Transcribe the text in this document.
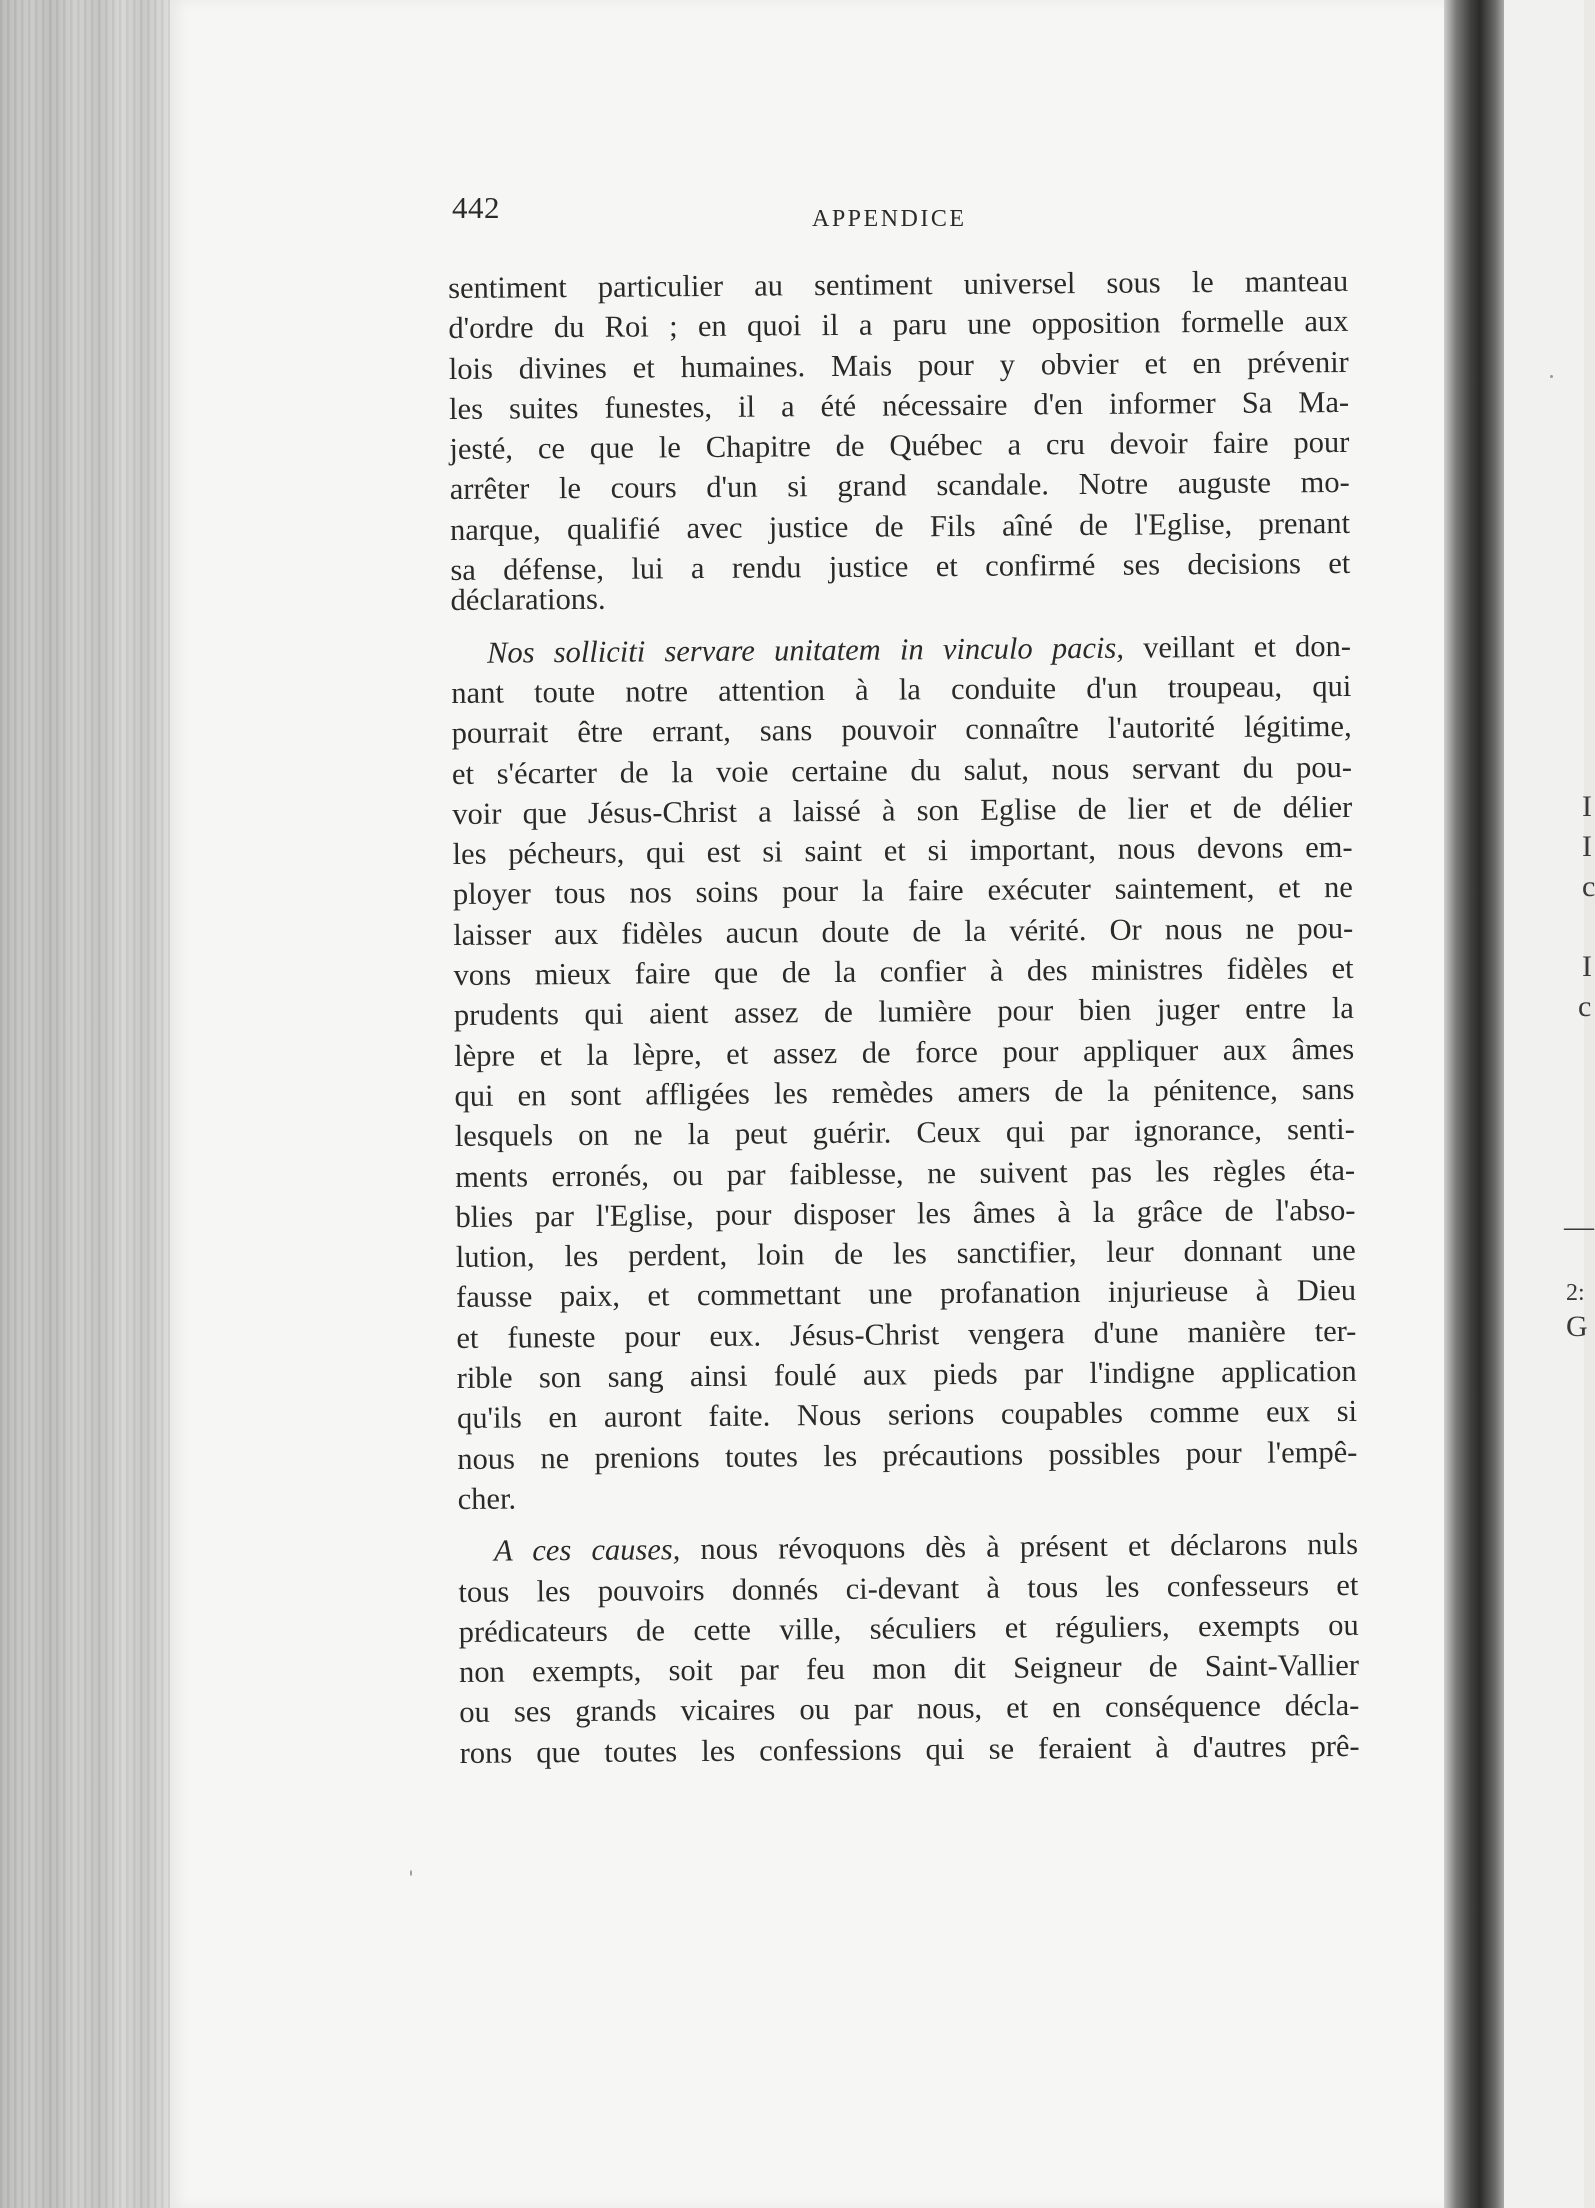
I
I
c
I
c
—
2:
G
442	APPENDICE
sentiment particulier au sentiment universel sous le manteau
d'ordre du Roi ; en quoi il a paru une opposition formelle aux
lois divines et humaines. Mais pour y obvier et en prévenir
les suites funestes, il a été nécessaire d'en informer Sa Ma-
jesté, ce que le Chapitre de Québec a cru devoir faire pour
arrêter le cours d'un si grand scandale. Notre auguste mo-
narque, qualifié avec justice de Fils aîné de l'Eglise, prenant
sa défense, lui a rendu justice et confirmé ses decisions et
déclarations.
Nos solliciti servare unitatem in vinculo pacis, veillant et don-
nant toute notre attention à la conduite d'un troupeau, qui
pourrait être errant, sans pouvoir connaître l'autorité légitime,
et s'écarter de la voie certaine du salut, nous servant du pou-
voir que Jésus-Christ a laissé à son Eglise de lier et de délier
les pécheurs, qui est si saint et si important, nous devons em-
ployer tous nos soins pour la faire exécuter saintement, et ne
laisser aux fidèles aucun doute de la vérité. Or nous ne pou-
vons mieux faire que de la confier à des ministres fidèles et
prudents qui aient assez de lumière pour bien juger entre la
lèpre et la lèpre, et assez de force pour appliquer aux âmes
qui en sont affligées les remèdes amers de la pénitence, sans
lesquels on ne la peut guérir. Ceux qui par ignorance, senti-
ments erronés, ou par faiblesse, ne suivent pas les règles éta-
blies par l'Eglise, pour disposer les âmes à la grâce de l'abso-
lution, les perdent, loin de les sanctifier, leur donnant une
fausse paix, et commettant une profanation injurieuse à Dieu
et funeste pour eux. Jésus-Christ vengera d'une manière ter-
rible son sang ainsi foulé aux pieds par l'indigne application
qu'ils en auront faite. Nous serions coupables comme eux si
nous ne prenions toutes les précautions possibles pour l'empê-
cher.
A ces causes, nous révoquons dès à présent et déclarons nuls
tous les pouvoirs donnés ci-devant à tous les confesseurs et
prédicateurs de cette ville, séculiers et réguliers, exempts ou
non exempts, soit par feu mon dit Seigneur de Saint-Vallier
ou ses grands vicaires ou par nous, et en conséquence décla-
rons que toutes les confessions qui se feraient à d'autres prê-
